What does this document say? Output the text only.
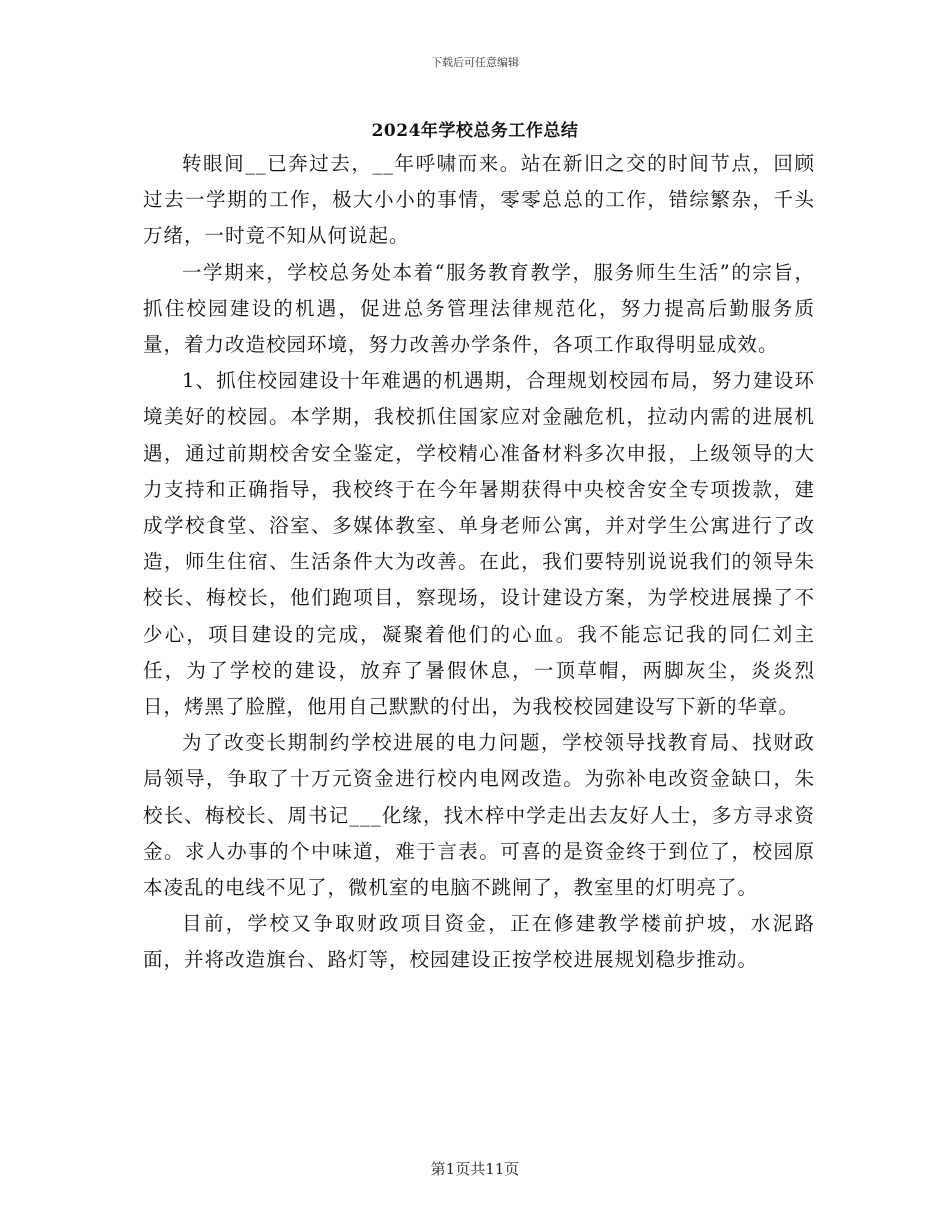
下载后可任意编辑
2024年学校总务工作总结

转眼间__已奔过去，__年呼啸而来。站在新旧之交的时间节点，回顾过去一学期的工作，极大小小的事情，零零总总的工作，错综繁杂，千头万绪，一时竟不知从何说起。

一学期来，学校总务处本着“服务教育教学，服务师生生活”的宗旨，抓住校园建设的机遇，促进总务管理法律规范化，努力提高后勤服务质量，着力改造校园环境，努力改善办学条件，各项工作取得明显成效。

1、抓住校园建设十年难遇的机遇期，合理规划校园布局，努力建设环境美好的校园。本学期，我校抓住国家应对金融危机，拉动内需的进展机遇，通过前期校舍安全鉴定，学校精心准备材料多次申报，上级领导的大力支持和正确指导，我校终于在今年暑期获得中央校舍安全专项拨款，建成学校食堂、浴室、多媒体教室、单身老师公寓，并对学生公寓进行了改造，师生住宿、生活条件大为改善。在此，我们要特别说说我们的领导朱校长、梅校长，他们跑项目，察现场，设计建设方案，为学校进展操了不少心，项目建设的完成，凝聚着他们的心血。我不能忘记我的同仁刘主任，为了学校的建设，放弃了暑假休息，一顶草帽，两脚灰尘，炎炎烈日，烤黑了脸膛，他用自己默默的付出，为我校校园建设写下新的华章。

为了改变长期制约学校进展的电力问题，学校领导找教育局、找财政局领导，争取了十万元资金进行校内电网改造。为弥补电改资金缺口，朱校长、梅校长、周书记___化缘，找木梓中学走出去友好人士，多方寻求资金。求人办事的个中味道，难于言表。可喜的是资金终于到位了，校园原本凌乱的电线不见了，微机室的电脑不跳闸了，教室里的灯明亮了。

目前，学校又争取财政项目资金，正在修建教学楼前护坡，水泥路面，并将改造旗台、路灯等，校园建设正按学校进展规划稳步推动。

第1页共11页
